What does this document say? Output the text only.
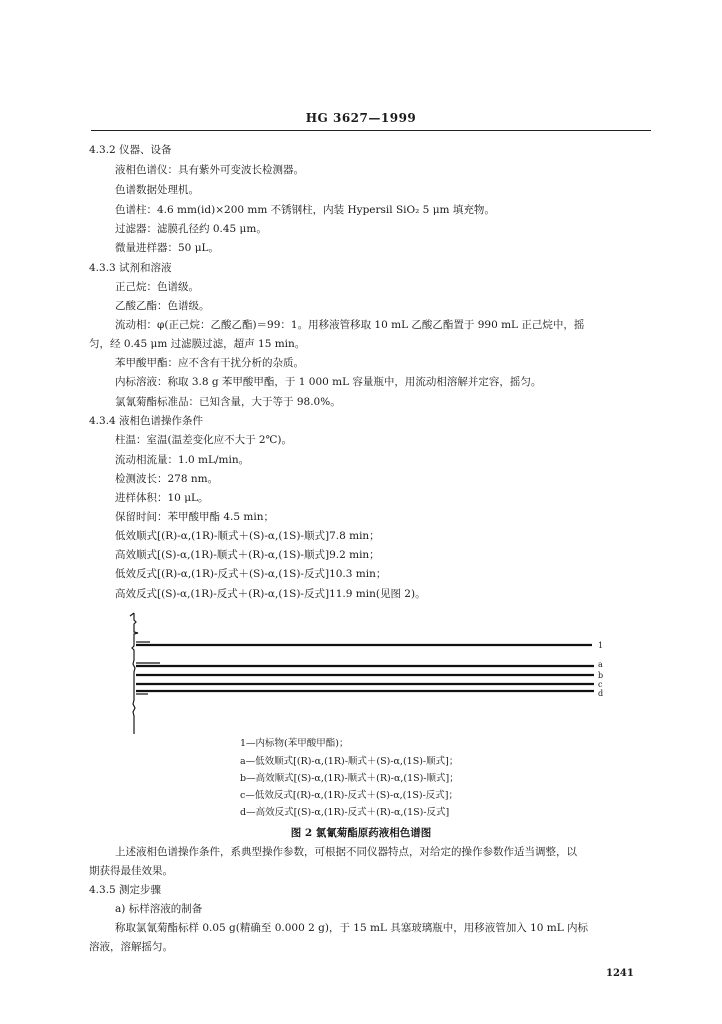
HG 3627—1999
4.3.2 仪器、设备
液相色谱仪：具有紫外可变波长检测器。
色谱数据处理机。
色谱柱：4.6 mm(id)×200 mm 不锈钢柱，内装 Hypersil SiO₂ 5 μm 填充物。
过滤器：滤膜孔径约 0.45 μm。
微量进样器：50 μL。
4.3.3 试剂和溶液
正己烷：色谱级。
乙酸乙酯：色谱级。
流动相：φ(正己烷：乙酸乙酯)＝99：1。用移液管移取 10 mL 乙酸乙酯置于 990 mL 正己烷中，摇
匀，经 0.45 μm 过滤膜过滤，超声 15 min。
苯甲酸甲酯：应不含有干扰分析的杂质。
内标溶液：称取 3.8 g 苯甲酸甲酯，于 1 000 mL 容量瓶中，用流动相溶解并定容，摇匀。
氯氰菊酯标准品：已知含量，大于等于 98.0%。
4.3.4 液相色谱操作条件
柱温：室温(温差变化应不大于 2℃)。
流动相流量：1.0 mL/min。
检测波长：278 nm。
进样体积：10 μL。
保留时间：苯甲酸甲酯 4.5 min；
低效顺式[(R)-α,(1R)-顺式＋(S)-α,(1S)-顺式]7.8 min；
高效顺式[(S)-α,(1R)-顺式＋(R)-α,(1S)-顺式]9.2 min；
低效反式[(R)-α,(1R)-反式＋(S)-α,(1S)-反式]10.3 min；
高效反式[(S)-α,(1R)-反式＋(R)-α,(1S)-反式]11.9 min(见图 2)。
1
a
b
c
d
1—内标物(苯甲酸甲酯)；
a—低效顺式[(R)-α,(1R)-顺式＋(S)-α,(1S)-顺式]；
b—高效顺式[(S)-α,(1R)-顺式＋(R)-α,(1S)-顺式]；
c—低效反式[(R)-α,(1R)-反式＋(S)-α,(1S)-反式]；
d—高效反式[(S)-α,(1R)-反式＋(R)-α,(1S)-反式]
图 2 氯氰菊酯原药液相色谱图
上述液相色谱操作条件，系典型操作参数，可根据不同仪器特点，对给定的操作参数作适当调整，以
期获得最佳效果。
4.3.5 测定步骤
a) 标样溶液的制备
称取氯氰菊酯标样 0.05 g(精确至 0.000 2 g)，于 15 mL 具塞玻璃瓶中，用移液管加入 10 mL 内标
溶液，溶解摇匀。
1241
